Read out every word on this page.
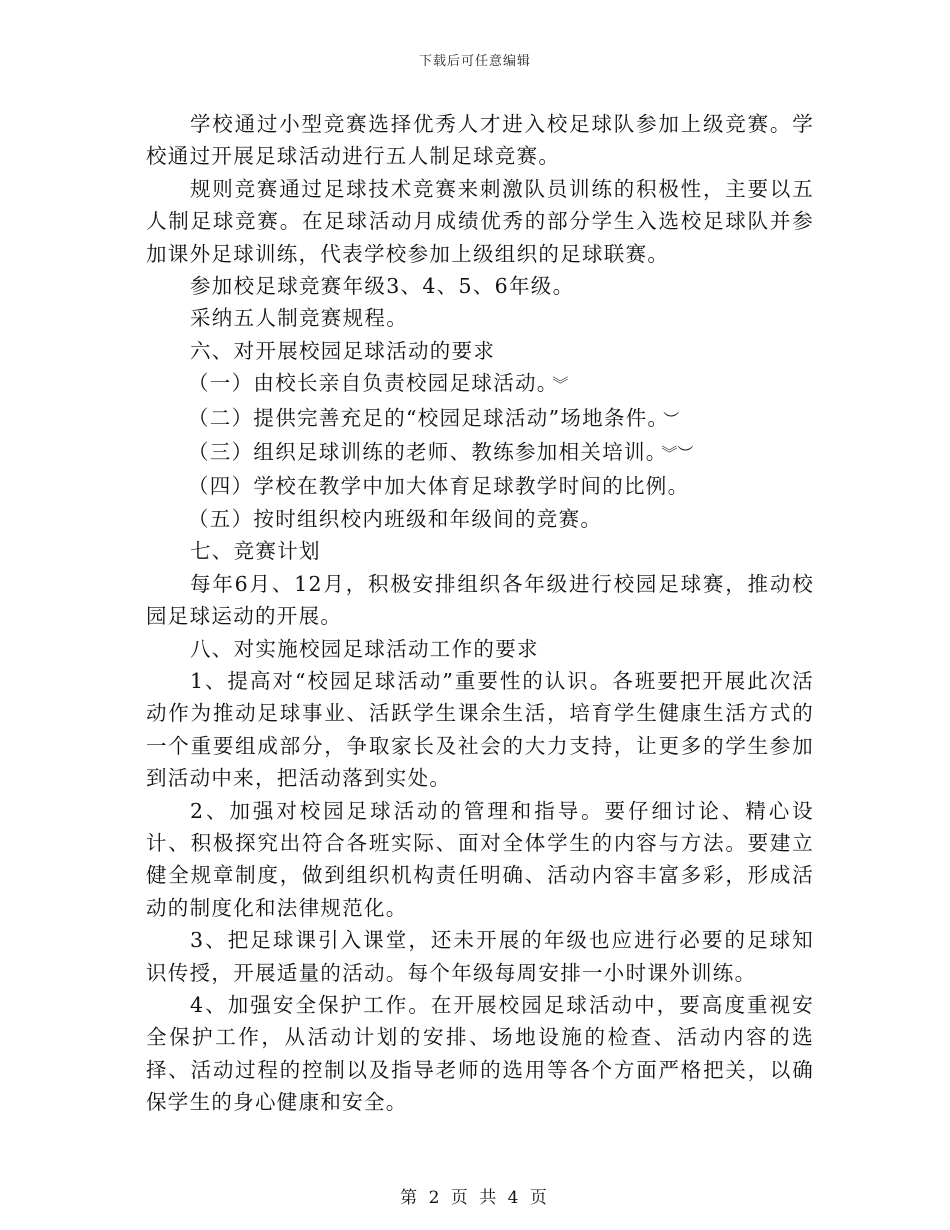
下载后可任意编辑

学校通过小型竞赛选择优秀人才进入校足球队参加上级竞赛。学校通过开展足球活动进行五人制足球竞赛。

规则竞赛通过足球技术竞赛来刺激队员训练的积极性，主要以五人制足球竞赛。在足球活动月成绩优秀的部分学生入选校足球队并参加课外足球训练，代表学校参加上级组织的足球联赛。

参加校足球竞赛年级3、4、5、6年级。

采纳五人制竞赛规程。

六、对开展校园足球活动的要求

（一）由校长亲自负责校园足球活动。 ︾

（二）提供完善充足的“校园足球活动”场地条件。 ︶

（三）组织足球训练的老师、教练参加相关培训。 ︾︶

（四）学校在教学中加大体育足球教学时间的比例。

（五）按时组织校内班级和年级间的竞赛。

七、竞赛计划

每年6月、12月，积极安排组织各年级进行校园足球赛，推动校园足球运动的开展。

八、对实施校园足球活动工作的要求

1、提高对“校园足球活动”重要性的认识。各班要把开展此次活动作为推动足球事业、活跃学生课余生活，培育学生健康生活方式的一个重要组成部分，争取家长及社会的大力支持，让更多的学生参加到活动中来，把活动落到实处。

2、加强对校园足球活动的管理和指导。要仔细讨论、精心设计、积极探究出符合各班实际、面对全体学生的内容与方法。要建立健全规章制度，做到组织机构责任明确、活动内容丰富多彩，形成活动的制度化和法律规范化。

3、把足球课引入课堂，还未开展的年级也应进行必要的足球知识传授，开展适量的活动。每个年级每周安排一小时课外训练。

4、加强安全保护工作。在开展校园足球活动中，要高度重视安全保护工作，从活动计划的安排、场地设施的检查、活动内容的选择、活动过程的控制以及指导老师的选用等各个方面严格把关，以确保学生的身心健康和安全。

第 2 页 共 4 页
